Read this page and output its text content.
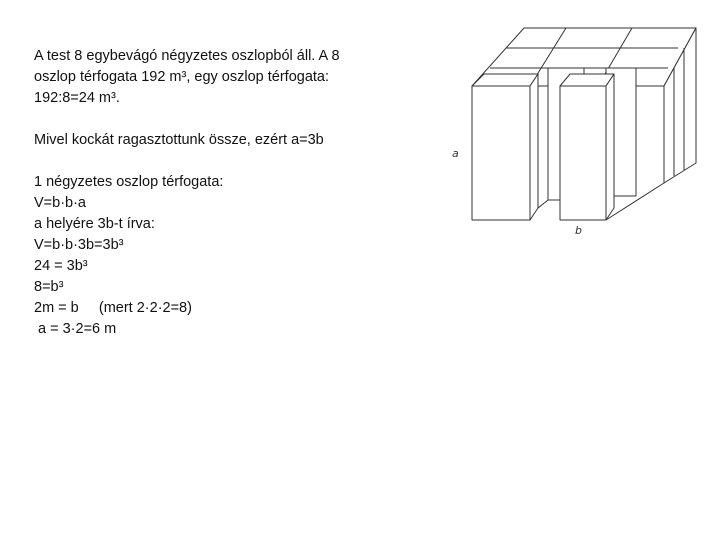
A test 8 egybevágó négyzetes oszlopból áll. A 8
oszlop térfogata 192 m³, egy oszlop térfogata:
192:8=24 m³.
Mivel kockát ragasztottunk össze, ezért a=3b
1 négyzetes oszlop térfogata:
V=b·b·a
a helyére 3b-t írva:
V=b·b·3b=3b³
24 = 3b³
8=b³
2m = b     (mert 2·2·2=8)
a = 3·2=6 m
a
b
